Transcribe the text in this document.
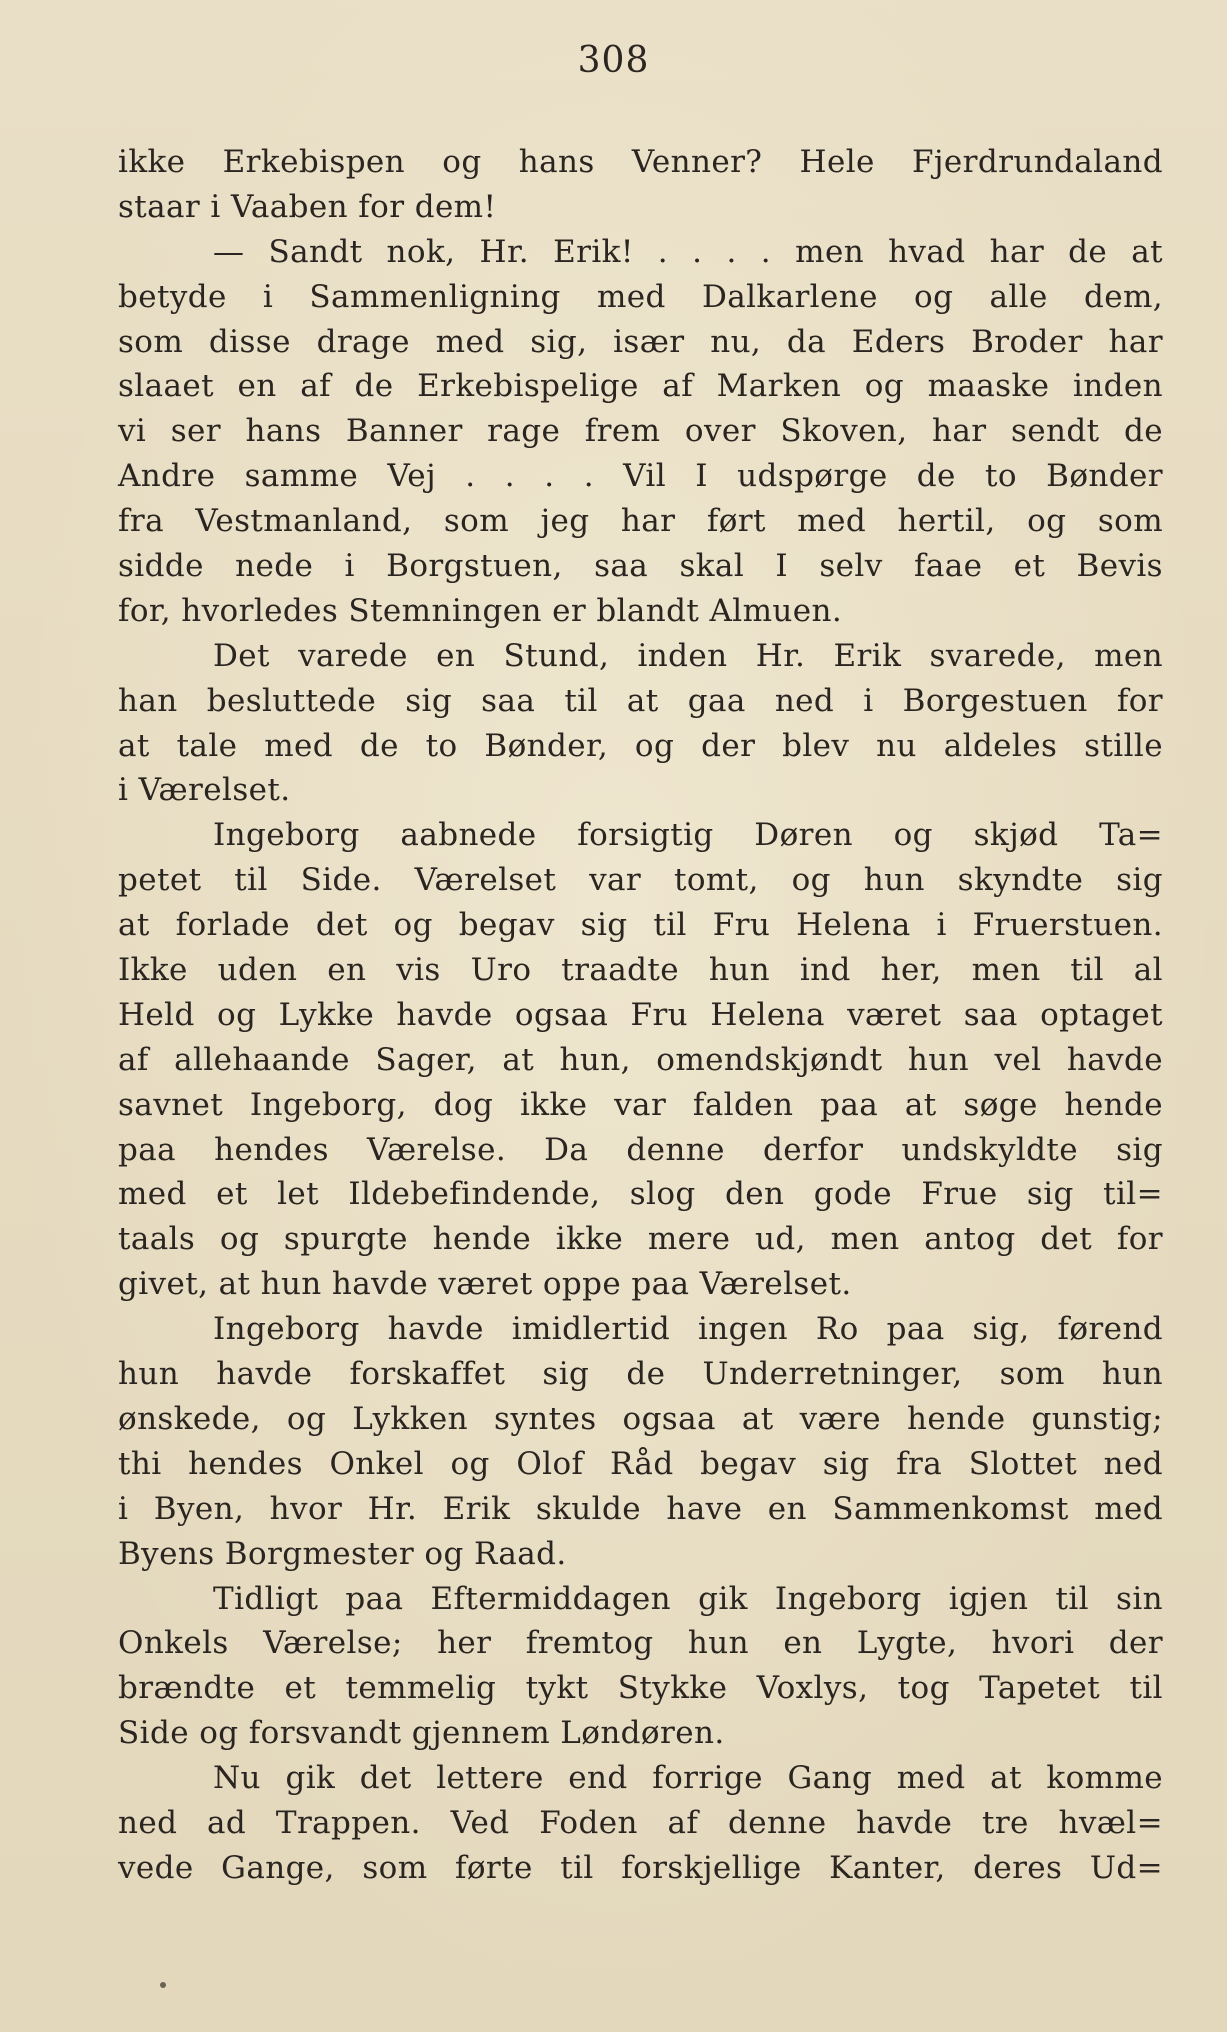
308
ikke Erkebispen og hans Venner? Hele Fjerdrundaland
staar i Vaaben for dem!
— Sandt nok, Hr. Erik! . . . . men hvad har de at
betyde i Sammenligning med Dalkarlene og alle dem,
som disse drage med sig, især nu, da Eders Broder har
slaaet en af de Erkebispelige af Marken og maaske inden
vi ser hans Banner rage frem over Skoven, har sendt de
Andre samme Vej . . . . Vil I udspørge de to Bønder
fra Vestmanland, som jeg har ført med hertil, og som
sidde nede i Borgstuen, saa skal I selv faae et Bevis
for, hvorledes Stemningen er blandt Almuen.
Det varede en Stund, inden Hr. Erik svarede, men
han besluttede sig saa til at gaa ned i Borgestuen for
at tale med de to Bønder, og der blev nu aldeles stille
i Værelset.
Ingeborg aabnede forsigtig Døren og skjød Ta=
petet til Side. Værelset var tomt, og hun skyndte sig
at forlade det og begav sig til Fru Helena i Fruerstuen.
Ikke uden en vis Uro traadte hun ind her, men til al
Held og Lykke havde ogsaa Fru Helena været saa optaget
af allehaande Sager, at hun, omendskjøndt hun vel havde
savnet Ingeborg, dog ikke var falden paa at søge hende
paa hendes Værelse. Da denne derfor undskyldte sig
med et let Ildebefindende, slog den gode Frue sig til=
taals og spurgte hende ikke mere ud, men antog det for
givet, at hun havde været oppe paa Værelset.
Ingeborg havde imidlertid ingen Ro paa sig, førend
hun havde forskaffet sig de Underretninger, som hun
ønskede, og Lykken syntes ogsaa at være hende gunstig;
thi hendes Onkel og Olof Råd begav sig fra Slottet ned
i Byen, hvor Hr. Erik skulde have en Sammenkomst med
Byens Borgmester og Raad.
Tidligt paa Eftermiddagen gik Ingeborg igjen til sin
Onkels Værelse; her fremtog hun en Lygte, hvori der
brændte et temmelig tykt Stykke Voxlys, tog Tapetet til
Side og forsvandt gjennem Løndøren.
Nu gik det lettere end forrige Gang med at komme
ned ad Trappen. Ved Foden af denne havde tre hvæl=
vede Gange, som førte til forskjellige Kanter, deres Ud=
